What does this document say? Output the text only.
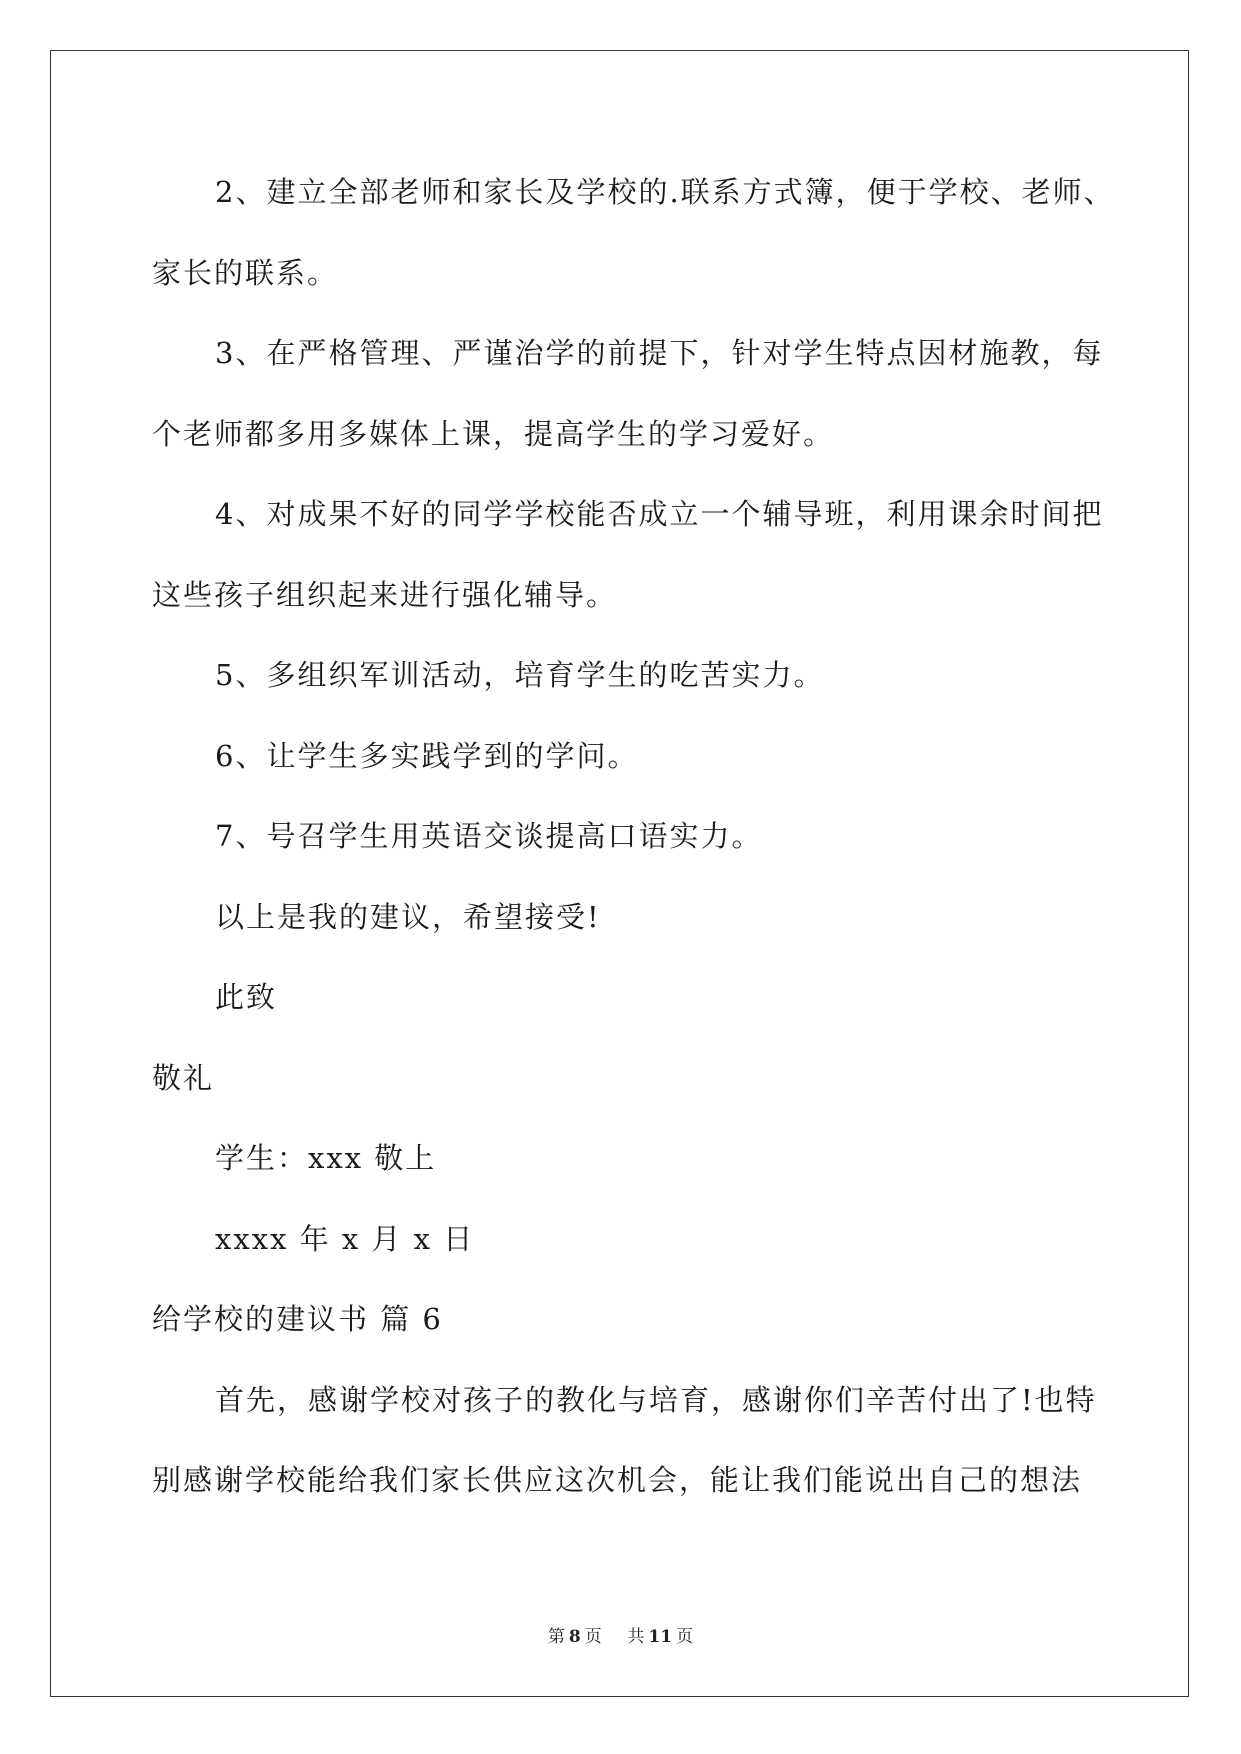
2、建立全部老师和家长及学校的.联系方式簿，便于学校、老师、
家长的联系。
3、在严格管理、严谨治学的前提下，针对学生特点因材施教，每
个老师都多用多媒体上课，提高学生的学习爱好。
4、对成果不好的同学学校能否成立一个辅导班，利用课余时间把
这些孩子组织起来进行强化辅导。
5、多组织军训活动，培育学生的吃苦实力。
6、让学生多实践学到的学问。
7、号召学生用英语交谈提高口语实力。
以上是我的建议，希望接受!
此致
敬礼
学生：xxx 敬上
xxxx 年 x 月 x 日
给学校的建议书 篇 6
首先，感谢学校对孩子的教化与培育，感谢你们辛苦付出了!也特
别感谢学校能给我们家长供应这次机会，能让我们能说出自己的想法
第 8 页 共 11 页
